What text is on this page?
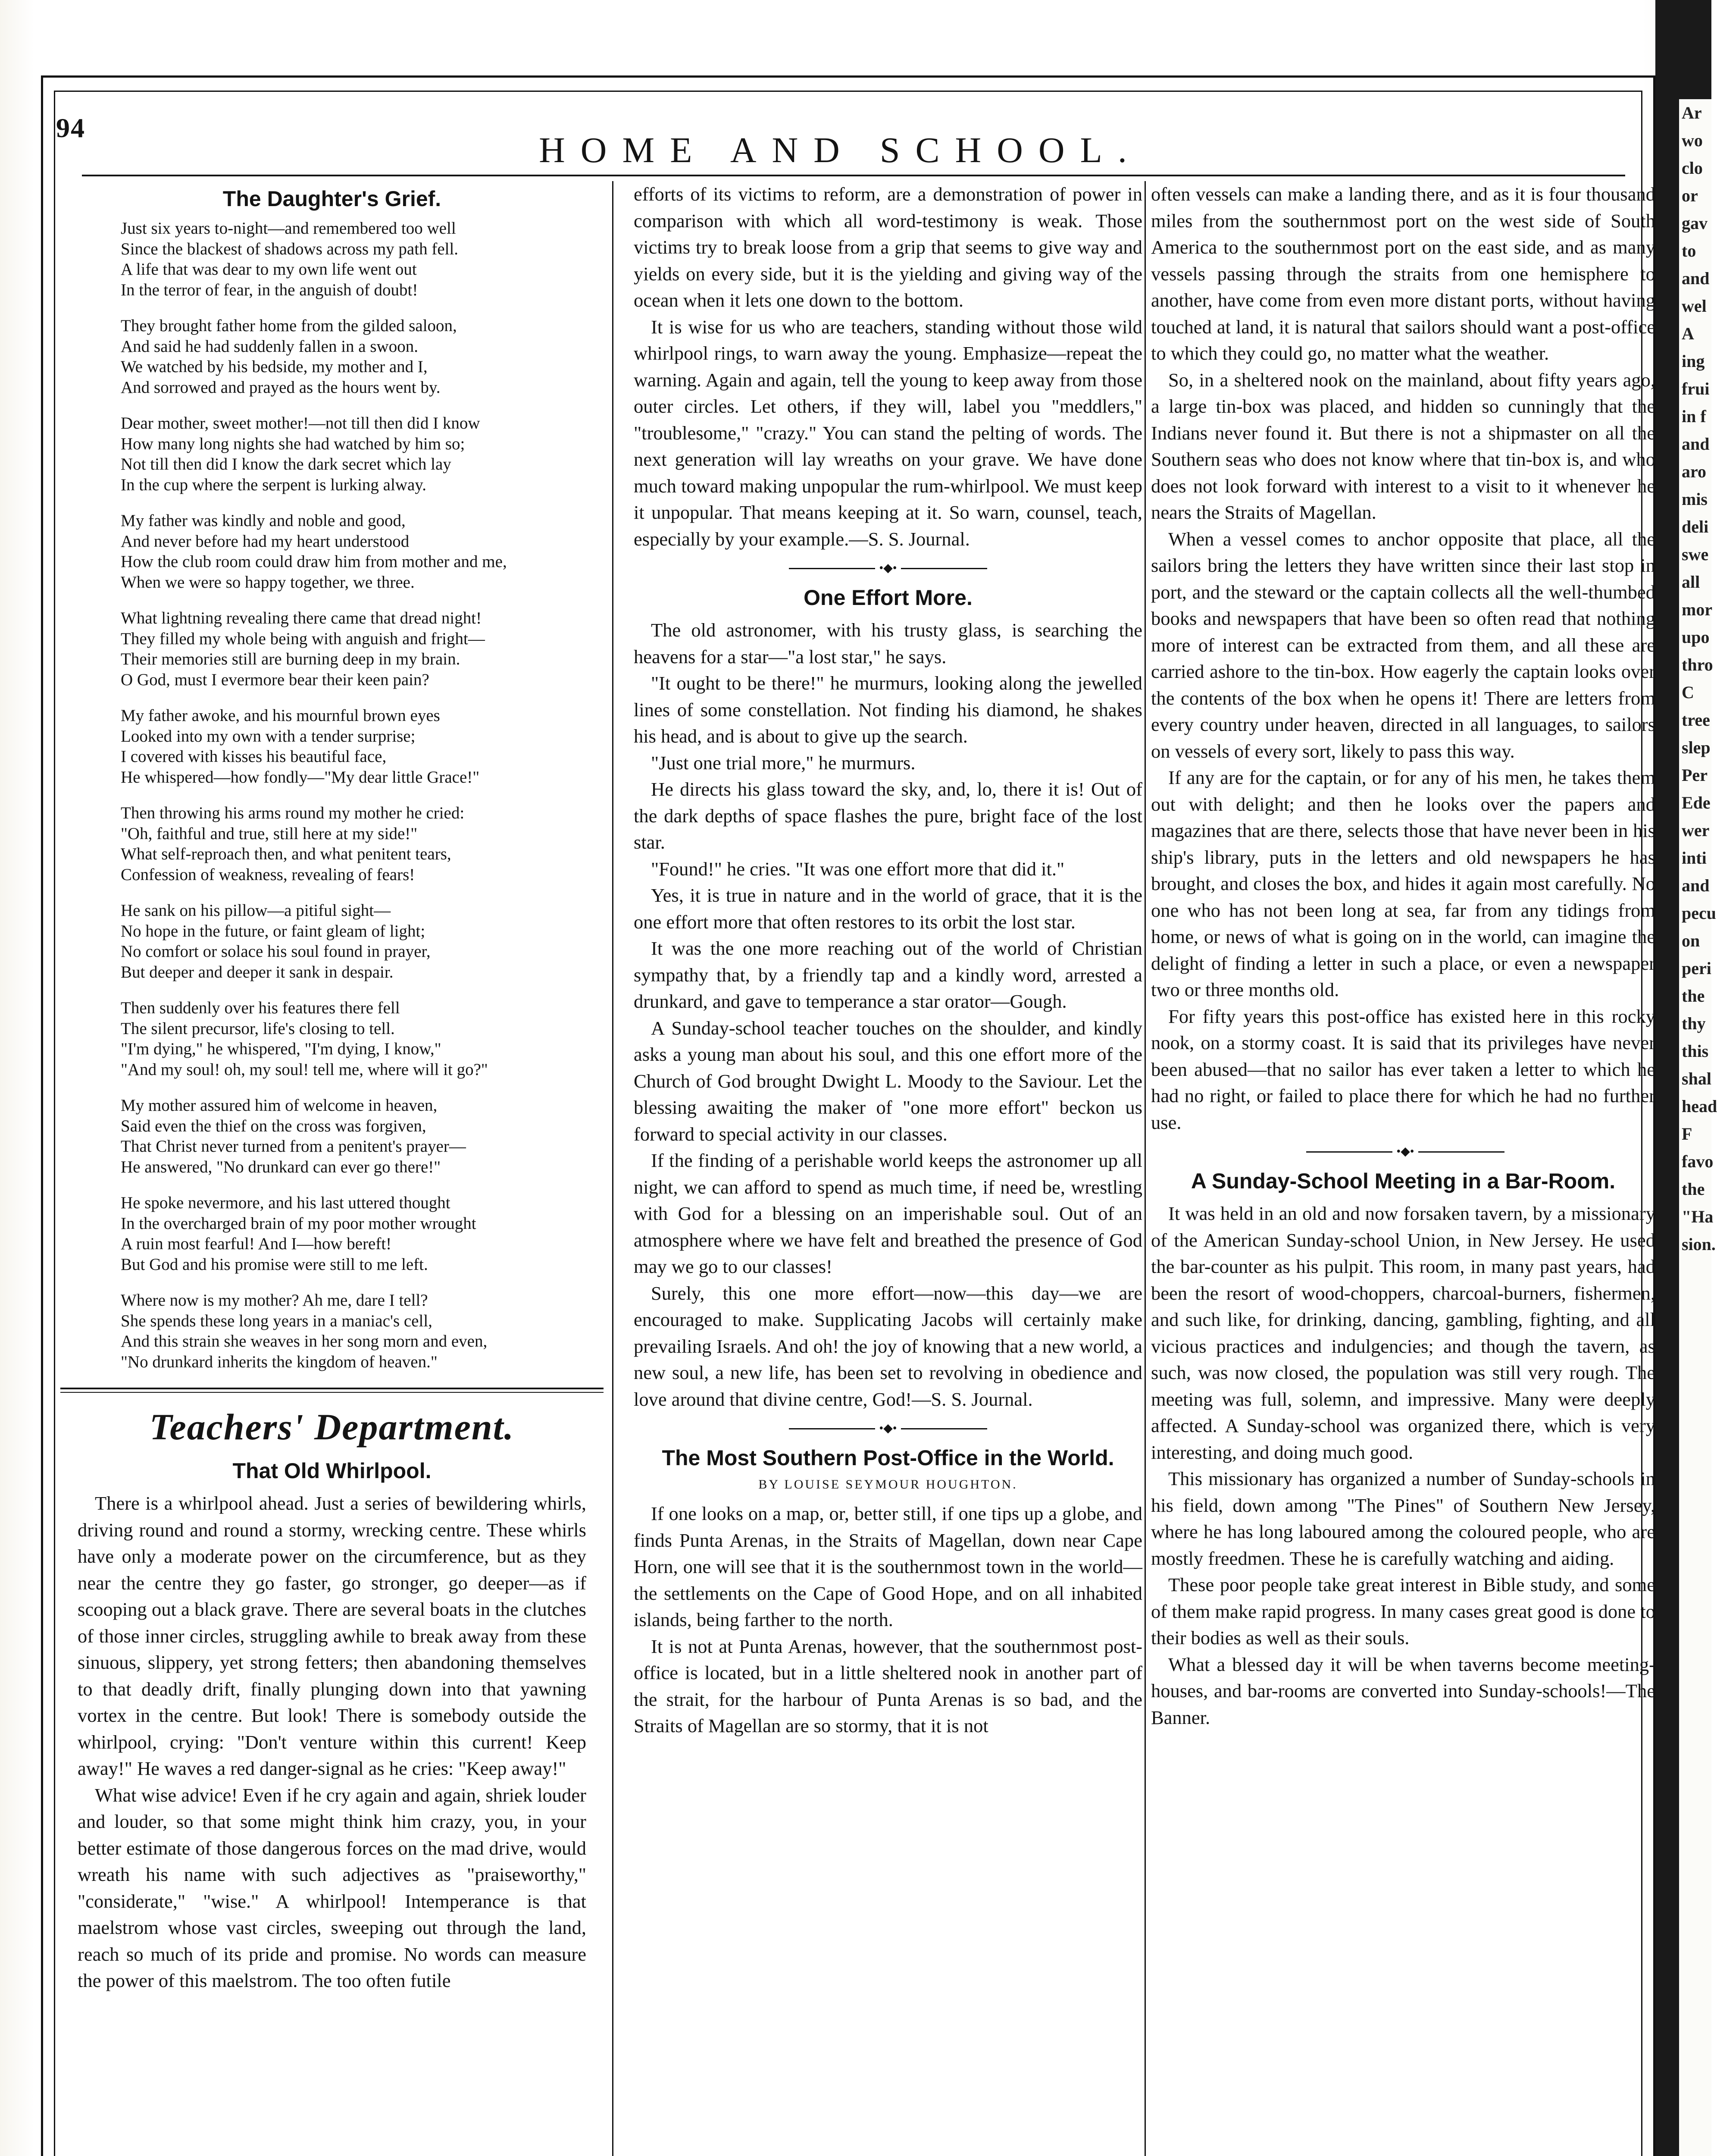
Ar
wo
clo
or
gav
to
and
wel
A
ing
frui
in f
and
aro
mis
deli
swe
all
mor
upo
thro
C
tree
slep
Per
Ede
wer
inti
and
pecu
on
peri
the
thy
this
shal
head
F
favo
the
"Ha
sion.
94
HOME AND SCHOOL.
The Daughter's Grief.
Just six years to-night—and remembered too well
Since the blackest of shadows across my path fell.
A life that was dear to my own life went out
In the terror of fear, in the anguish of doubt!
They brought father home from the gilded saloon,
And said he had suddenly fallen in a swoon.
We watched by his bedside, my mother and I,
And sorrowed and prayed as the hours went by.
Dear mother, sweet mother!—not till then did I know
How many long nights she had watched by him so;
Not till then did I know the dark secret which lay
In the cup where the serpent is lurking alway.
My father was kindly and noble and good,
And never before had my heart understood
How the club room could draw him from mother and me,
When we were so happy together, we three.
What lightning revealing there came that dread night!
They filled my whole being with anguish and fright—
Their memories still are burning deep in my brain.
O God, must I evermore bear their keen pain?
My father awoke, and his mournful brown eyes
Looked into my own with a tender surprise;
I covered with kisses his beautiful face,
He whispered—how fondly—"My dear little Grace!"
Then throwing his arms round my mother he cried:
"Oh, faithful and true, still here at my side!"
What self-reproach then, and what penitent tears,
Confession of weakness, revealing of fears!
He sank on his pillow—a pitiful sight—
No hope in the future, or faint gleam of light;
No comfort or solace his soul found in prayer,
But deeper and deeper it sank in despair.
Then suddenly over his features there fell
The silent precursor, life's closing to tell.
"I'm dying," he whispered, "I'm dying, I know,"
"And my soul! oh, my soul! tell me, where will it go?"
My mother assured him of welcome in heaven,
Said even the thief on the cross was forgiven,
That Christ never turned from a penitent's prayer—
He answered, "No drunkard can ever go there!"
He spoke nevermore, and his last uttered thought
In the overcharged brain of my poor mother wrought
A ruin most fearful! And I—how bereft!
But God and his promise were still to me left.
Where now is my mother? Ah me, dare I tell?
She spends these long years in a maniac's cell,
And this strain she weaves in her song morn and even,
"No drunkard inherits the kingdom of heaven."
Teachers' Department.
That Old Whirlpool.

There is a whirlpool ahead. Just a series of bewildering whirls, driving round and round a stormy, wrecking centre. These whirls have only a moderate power on the circumference, but as they near the centre they go faster, go stronger, go deeper—as if scooping out a black grave. There are several boats in the clutches of those inner circles, struggling awhile to break away from these sinuous, slippery, yet strong fetters; then abandoning themselves to that deadly drift, finally plunging down into that yawning vortex in the centre. But look! There is somebody outside the whirlpool, crying: "Don't venture within this current! Keep away!" He waves a red danger-signal as he cries: "Keep away!"

What wise advice! Even if he cry again and again, shriek louder and louder, so that some might think him crazy, you, in your better estimate of those dangerous forces on the mad drive, would wreath his name with such adjectives as "praiseworthy," "considerate," "wise." A whirlpool! Intemperance is that maelstrom whose vast circles, sweeping out through the land, reach so much of its pride and promise. No words can measure the power of this maelstrom. The too often futile

efforts of its victims to reform, are a demonstration of power in comparison with which all word-testimony is weak. Those victims try to break loose from a grip that seems to give way and yields on every side, but it is the yielding and giving way of the ocean when it lets one down to the bottom.

It is wise for us who are teachers, standing without those wild whirlpool rings, to warn away the young. Emphasize—repeat the warning. Again and again, tell the young to keep away from those outer circles. Let others, if they will, label you "meddlers," "troublesome," "crazy." You can stand the pelting of words. The next generation will lay wreaths on your grave. We have done much toward making unpopular the rum-whirlpool. We must keep it unpopular. That means keeping at it. So warn, counsel, teach, especially by your example.—S. S. Journal.

•◆•
One Effort More.

The old astronomer, with his trusty glass, is searching the heavens for a star—"a lost star," he says.

"It ought to be there!" he murmurs, looking along the jewelled lines of some constellation. Not finding his diamond, he shakes his head, and is about to give up the search.

"Just one trial more," he murmurs.

He directs his glass toward the sky, and, lo, there it is! Out of the dark depths of space flashes the pure, bright face of the lost star.

"Found!" he cries. "It was one effort more that did it."

Yes, it is true in nature and in the world of grace, that it is the one effort more that often restores to its orbit the lost star.

It was the one more reaching out of the world of Christian sympathy that, by a friendly tap and a kindly word, arrested a drunkard, and gave to temperance a star orator—Gough.

A Sunday-school teacher touches on the shoulder, and kindly asks a young man about his soul, and this one effort more of the Church of God brought Dwight L. Moody to the Saviour. Let the blessing awaiting the maker of "one more effort" beckon us forward to special activity in our classes.

If the finding of a perishable world keeps the astronomer up all night, we can afford to spend as much time, if need be, wrestling with God for a blessing on an imperishable soul. Out of an atmosphere where we have felt and breathed the presence of God may we go to our classes!

Surely, this one more effort—now—this day—we are encouraged to make. Supplicating Jacobs will certainly make prevailing Israels. And oh! the joy of knowing that a new world, a new soul, a new life, has been set to revolving in obedience and love around that divine centre, God!—S. S. Journal.

•◆•
The Most Southern Post-Office in the World.
BY LOUISE SEYMOUR HOUGHTON.

If one looks on a map, or, better still, if one tips up a globe, and finds Punta Arenas, in the Straits of Magellan, down near Cape Horn, one will see that it is the southernmost town in the world—the settlements on the Cape of Good Hope, and on all inhabited islands, being farther to the north.

It is not at Punta Arenas, however, that the southernmost post-office is located, but in a little sheltered nook in another part of the strait, for the harbour of Punta Arenas is so bad, and the Straits of Magellan are so stormy, that it is not

often vessels can make a landing there, and as it is four thousand miles from the southernmost port on the west side of South America to the southernmost port on the east side, and as many vessels passing through the straits from one hemisphere to another, have come from even more distant ports, without having touched at land, it is natural that sailors should want a post-office to which they could go, no matter what the weather.

So, in a sheltered nook on the mainland, about fifty years ago, a large tin-box was placed, and hidden so cunningly that the Indians never found it. But there is not a shipmaster on all the Southern seas who does not know where that tin-box is, and who does not look forward with interest to a visit to it whenever he nears the Straits of Magellan.

When a vessel comes to anchor opposite that place, all the sailors bring the letters they have written since their last stop in port, and the steward or the captain collects all the well-thumbed books and newspapers that have been so often read that nothing more of interest can be extracted from them, and all these are carried ashore to the tin-box. How eagerly the captain looks over the contents of the box when he opens it! There are letters from every country under heaven, directed in all languages, to sailors on vessels of every sort, likely to pass this way.

If any are for the captain, or for any of his men, he takes them out with delight; and then he looks over the papers and magazines that are there, selects those that have never been in his ship's library, puts in the letters and old newspapers he has brought, and closes the box, and hides it again most carefully. No one who has not been long at sea, far from any tidings from home, or news of what is going on in the world, can imagine the delight of finding a letter in such a place, or even a newspaper two or three months old.

For fifty years this post-office has existed here in this rocky nook, on a stormy coast. It is said that its privileges have never been abused—that no sailor has ever taken a letter to which he had no right, or failed to place there for which he had no further use.

•◆•
A Sunday-School Meeting in a Bar-Room.

It was held in an old and now forsaken tavern, by a missionary of the American Sunday-school Union, in New Jersey. He used the bar-counter as his pulpit. This room, in many past years, had been the resort of wood-choppers, charcoal-burners, fishermen, and such like, for drinking, dancing, gambling, fighting, and all vicious practices and indulgencies; and though the tavern, as such, was now closed, the population was still very rough. The meeting was full, solemn, and impressive. Many were deeply affected. A Sunday-school was organized there, which is very interesting, and doing much good.

This missionary has organized a number of Sunday-schools in his field, down among "The Pines" of Southern New Jersey, where he has long laboured among the coloured people, who are mostly freedmen. These he is carefully watching and aiding.

These poor people take great interest in Bible study, and some of them make rapid progress. In many cases great good is done to their bodies as well as their souls.

What a blessed day it will be when taverns become meeting-houses, and bar-rooms are converted into Sunday-schools!—The Banner.
